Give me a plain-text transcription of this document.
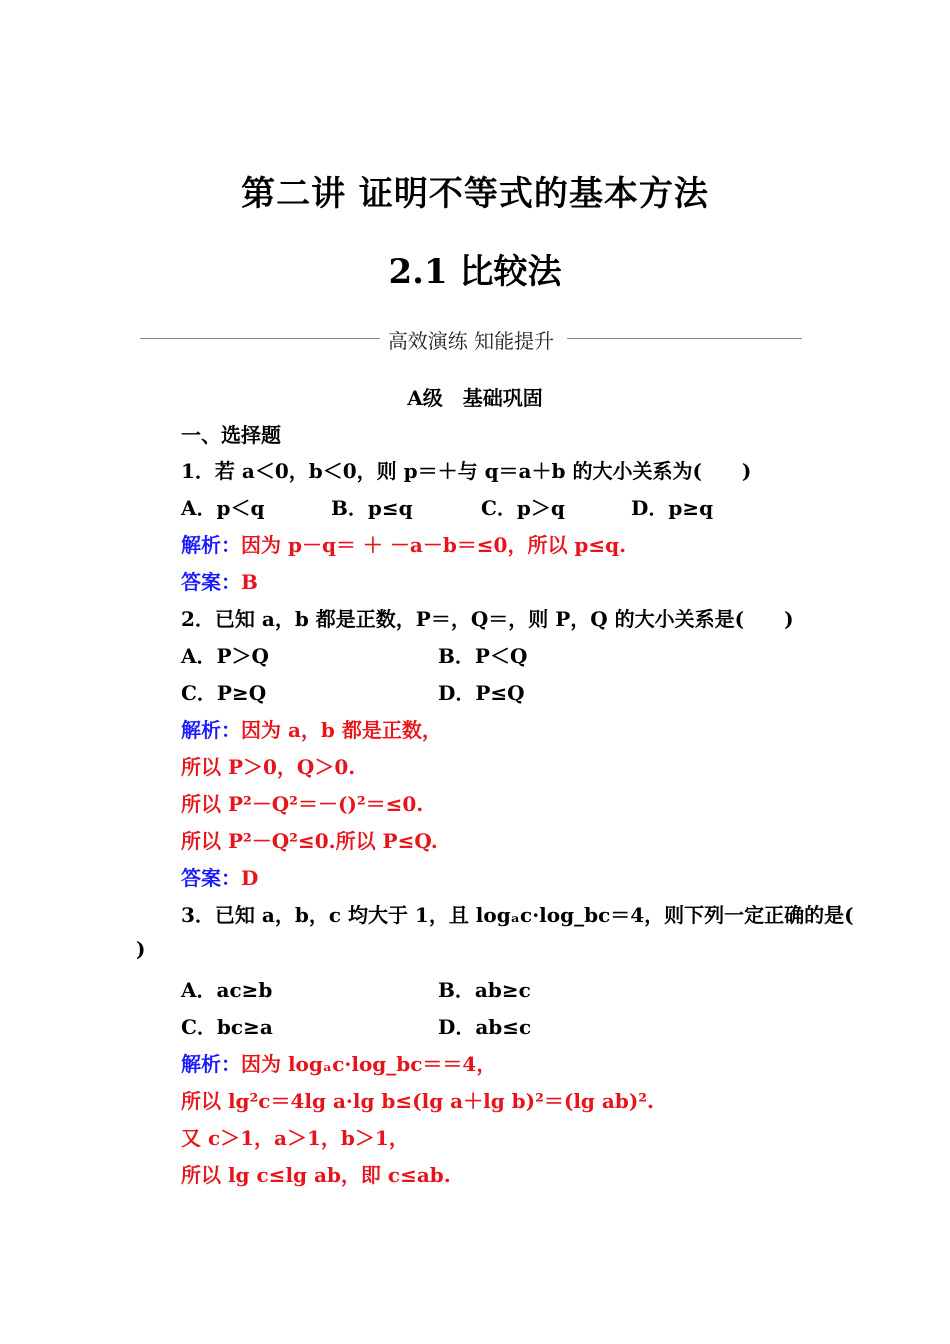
第二讲 证明不等式的基本方法
2.1 比较法
高效演练 知能提升
A级　基础巩固
一、选择题
1．若 a＜0，b＜0，则 p＝＋与 q＝a＋b 的大小关系为(　　)
A．p＜q	B．p≤q	C．p＞q	D．p≥q
解析：因为 p－q＝ ＋ －a－b＝≤0，所以 p≤q.
答案：B
2．已知 a，b 都是正数，P＝，Q＝，则 P，Q 的大小关系是(　　)
A．P＞Q	B．P＜Q
C．P≥Q	D．P≤Q
解析：因为 a，b 都是正数，
所以 P＞0，Q＞0.
所以 P²－Q²＝－()²＝≤0.
所以 P²－Q²≤0.所以 P≤Q.
答案：D
3．已知 a，b，c 均大于 1，且 logₐc·log_bc＝4，则下列一定正确的是(
)
A．ac≥b	B．ab≥c
C．bc≥a	D．ab≤c
解析：因为 logₐc·log_bc＝＝4，
所以 lg²c＝4lg a·lg b≤(lg a＋lg b)²＝(lg ab)².
又 c＞1，a＞1，b＞1，
所以 lg c≤lg ab，即 c≤ab.
